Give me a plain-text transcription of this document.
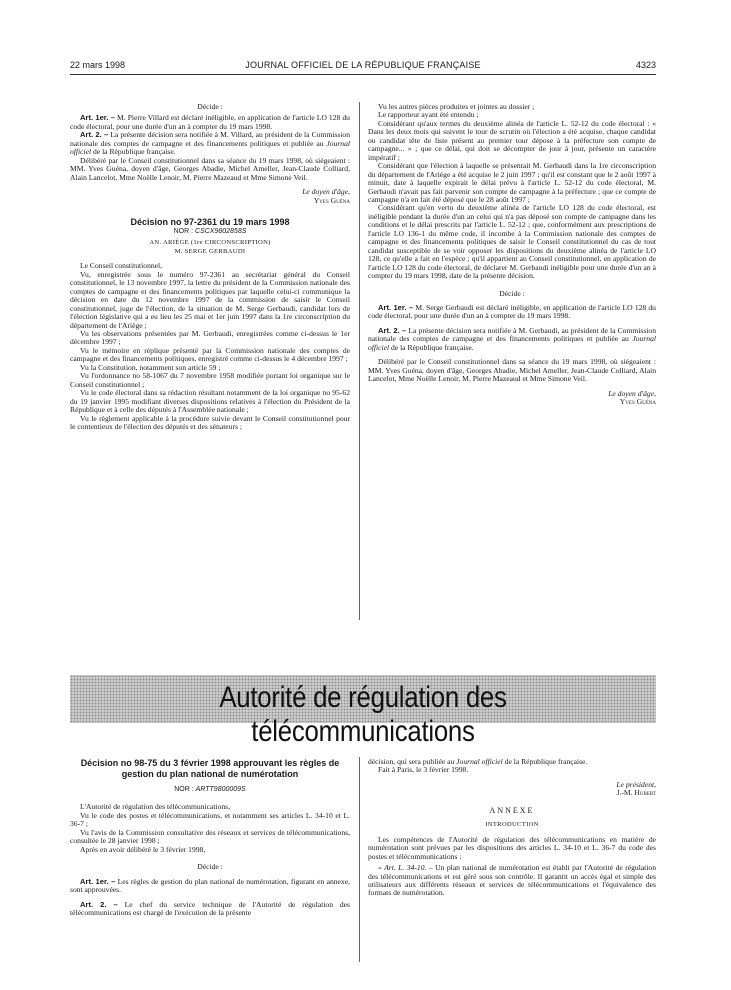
22 mars 1998	JOURNAL OFFICIEL DE LA RÉPUBLIQUE FRANÇAISE	4323

Décide :

Art. 1er. – M. Pierre Villard est déclaré inéligible, en application de l'article LO 128 du code électoral, pour une durée d'un an à compter du 19 mars 1998.

Art. 2. – La présente décision sera notifiée à M. Villard, au président de la Commission nationale des comptes de campagne et des financements politiques et publiée au Journal officiel de la République française.

Délibéré par le Conseil constitutionnel dans sa séance du 19 mars 1998, où siégeaient : MM. Yves Guéna, doyen d'âge, Georges Abadie, Michel Ameller, Jean-Claude Colliard, Alain Lancelot, Mme Noëlle Lenoir, M. Pierre Mazeaud et Mme Simone Veil.

Le doyen d'âge,

Yves Guéna

Décision no 97-2361 du 19 mars 1998

NOR : CSCX9802858S

AN. ARIÈGE (1re CIRCONSCRIPTION)

M. SERGE GERBAUDI

Le Conseil constitutionnel,

Vu, enregistrée sous le numéro 97-2361 au secrétariat général du Conseil constitutionnel, le 13 novembre 1997, la lettre du président de la Commission nationale des comptes de campagne et des financements politiques par laquelle celui-ci communique la décision en date du 12 novembre 1997 de la commission de saisir le Conseil constitutionnel, juge de l'élection, de la situation de M. Serge Gerbaudi, candidat lors de l'élection législative qui a eu lieu les 25 mai et 1er juin 1997 dans la 1re circonscription du département de l'Ariège ;

Vu les observations présentées par M. Gerbaudi, enregistrées comme ci-dessus le 1er décembre 1997 ;

Vu le mémoire en réplique présenté par la Commission nationale des comptes de campagne et des financements politiques, enregistré comme ci-dessus le 4 décembre 1997 ;

Vu la Constitution, notamment son article 59 ;

Vu l'ordonnance no 58-1067 du 7 novembre 1958 modifiée portant loi organique sur le Conseil constitutionnel ;

Vu le code électoral dans sa rédaction résultant notamment de la loi organique no 95-62 du 19 janvier 1995 modifiant diverses dispositions relatives à l'élection du Président de la République et à celle des députés à l'Assemblée nationale ;

Vu le règlement applicable à la procédure suivie devant le Conseil constitutionnel pour le contentieux de l'élection des députés et des sénateurs ;

Vu les autres pièces produites et jointes au dossier ;

Le rapporteur ayant été entendu ;

Considérant qu'aux termes du deuxième alinéa de l'article L. 52-12 du code électoral : « Dans les deux mois qui suivent le tour de scrutin où l'élection a été acquise, chaque candidat ou candidat tête de liste présent au premier tour dépose à la préfecture son compte de campagne... » ; que ce délai, qui doit se décompter de jour à jour, présente un caractère impératif ;

Considérant que l'élection à laquelle se présentait M. Gerbaudi dans la 1re circonscription du département de l'Ariège a été acquise le 2 juin 1997 ; qu'il est constant que le 2 août 1997 à minuit, date à laquelle expirait le délai prévu à l'article L. 52-12 du code électoral, M. Gerbaudi n'avait pas fait parvenir son compte de campagne à la préfecture ; que ce compte de campagne n'a en fait été déposé que le 28 août 1997 ;

Considérant qu'en vertu du deuxième alinéa de l'article LO 128 du code électoral, est inéligible pendant la durée d'un an celui qui n'a pas déposé son compte de campagne dans les conditions et le délai prescrits par l'article L. 52-12 ; que, conformément aux prescriptions de l'article LO 136-1 du même code, il incombe à la Commission nationale des comptes de campagne et des financements politiques de saisir le Conseil constitutionnel du cas de tout candidat susceptible de se voir opposer les dispositions du deuxième alinéa de l'article LO 128, ce qu'elle a fait en l'espèce ; qu'il appartient au Conseil constitutionnel, en application de l'article LO 128 du code électoral, de déclarer M. Gerbaudi inéligible pour une durée d'un an à compter du 19 mars 1998, date de la présente décision.

Décide :

Art. 1er. – M. Serge Gerbaudi est déclaré inéligible, en application de l'article LO 128 du code électoral, pour une durée d'un an à compter du 19 mars 1998.

Art. 2. – La présente décision sera notifiée à M. Gerbaudi, au président de la Commission nationale des comptes de campagne et des financements politiques et publiée au Journal officiel de la République française.

Délibéré par le Conseil constitutionnel dans sa séance du 19 mars 1998, où siégeaient : MM. Yves Guéna, doyen d'âge, Georges Abadie, Michel Ameller, Jean-Claude Colliard, Alain Lancelot, Mme Noëlle Lenoir, M. Pierre Mazeaud et Mme Simone Veil.

Le doyen d'âge,

Yves Guéna

Autorité de régulation des télécommunications

Décision no 98-75 du 3 février 1998 approuvant les règles de gestion du plan national de numérotation

NOR : ARTT9800009S

L'Autorité de régulation des télécommunications,

Vu le code des postes et télécommunications, et notamment ses articles L. 34-10 et L. 36-7 ;

Vu l'avis de la Commission consultative des réseaux et services de télécommunications, consultée le 28 janvier 1998 ;

Après en avoir délibéré le 3 février 1998,

Décide :

Art. 1er. – Les règles de gestion du plan national de numérotation, figurant en annexe, sont approuvées.

Art. 2. – Le chef du service technique de l'Autorité de régulation des télécommunications est chargé de l'exécution de la présente

décision, qui sera publiée au Journal officiel de la République française.

Fait à Paris, le 3 février 1998.

Le président,

J.-M. Hubert

ANNEXE

INTRODUCTION

Les compétences de l'Autorité de régulation des télécommunications en matière de numérotation sont prévues par les dispositions des articles L. 34-10 et L. 36-7 du code des postes et télécommunications :

« Art. L. 34-10. – Un plan national de numérotation est établi par l'Autorité de régulation des télécommunications et est géré sous son contrôle. Il garantit un accès égal et simple des utilisateurs aux différents réseaux et services de télécommunications et l'équivalence des formats de numérotation.
